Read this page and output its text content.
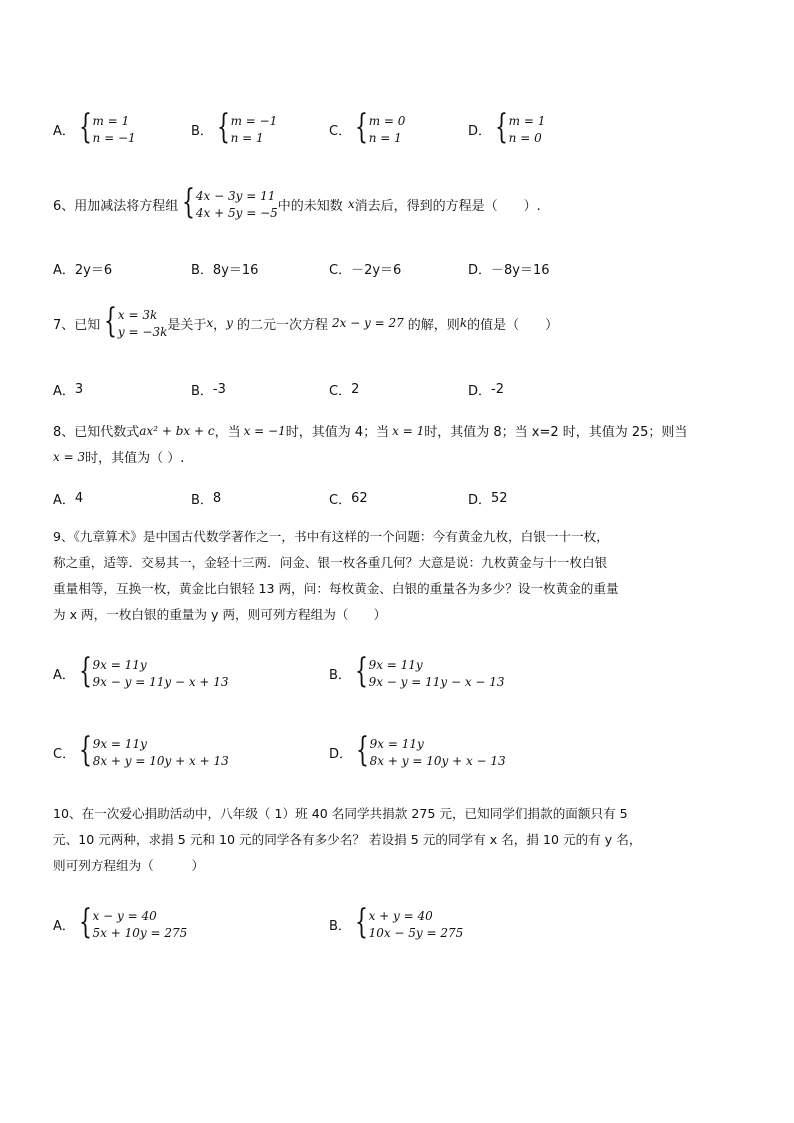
A． { m = 1
n = −1	B． { m = −1
n = 1	C． { m = 0
n = 1	D． { m = 1
n = 0
6、用加减法将方程组 { 4x − 3y = 11
4x + 5y = −5 中的未知数 x 消去后，得到的方程是（　　）.
A． 2y＝6	B． 8y＝16	C． －2y＝6	D． －8y＝16
7、已知 { x = 3k
y = −3k 是关于 x ， y 的二元一次方程 2x − y = 27 的解，则 k 的值是（　　）
A． 3	B． -3	C． 2	D． -2
8、已知代数式 ax² + bx + c ，当 x = −1 时，其值为 4；当 x = 1 时，其值为 8；当 x=2 时，其值为 25；则当
x = 3 时，其值为（ ）.
A． 4	B． 8	C． 62	D． 52
9、《九章算术》是中国古代数学著作之一，书中有这样的一个问题：今有黄金九枚，白银一十一枚，
称之重，适等．交易其一，金轻十三两．问金、银一枚各重几何？大意是说：九枚黄金与十一枚白银
重量相等，互换一枚，黄金比白银轻 13 两，问：每枚黄金、白银的重量各为多少？设一枚黄金的重量
为 x 两，一枚白银的重量为 y 两，则可列方程组为（　　）
A． { 9x = 11y
9x − y = 11y − x + 13	B． { 9x = 11y
9x − y = 11y − x − 13
C． { 9x = 11y
8x + y = 10y + x + 13	D． { 9x = 11y
8x + y = 10y + x − 13
10、在一次爱心捐助活动中，八年级（ 1）班 40 名同学共捐款 275 元，已知同学们捐款的面额只有 5
元、10 元两种，求捐 5 元和 10 元的同学各有多少名？ 若设捐 5 元的同学有 x 名，捐 10 元的有 y 名，
则可列方程组为（　　　）
A． { x − y = 40
5x + 10y = 275	B． { x + y = 40
10x − 5y = 275
